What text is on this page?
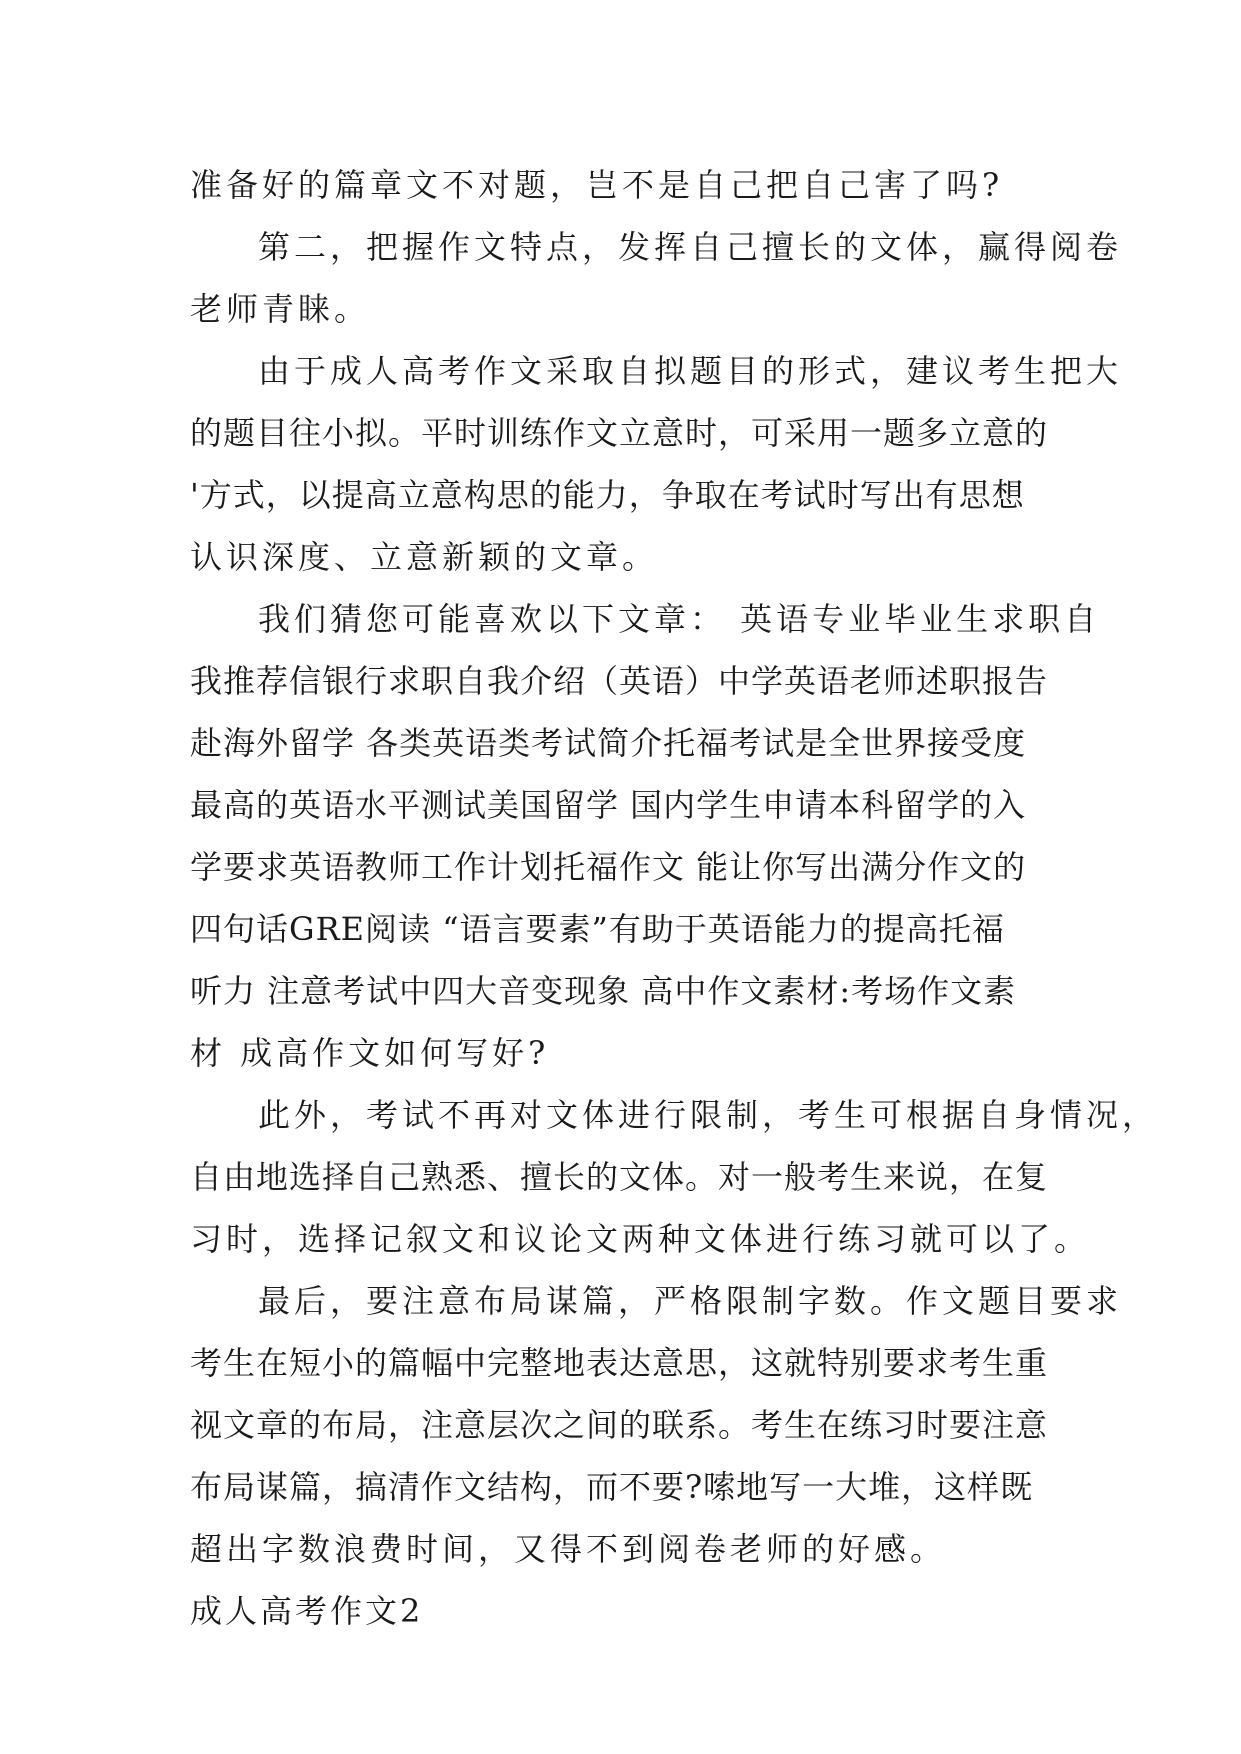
准备好的篇章文不对题，岂不是自己把自己害了吗?
第二，把握作文特点，发挥自己擅长的文体，赢得阅卷
老师青睐。
由于成人高考作文采取自拟题目的形式，建议考生把大
的题目往小拟。平时训练作文立意时，可采用一题多立意的
'方式，以提高立意构思的能力，争取在考试时写出有思想
认识深度、立意新颖的文章。
我们猜您可能喜欢以下文章： 英语专业毕业生求职自
我推荐信银行求职自我介绍（英语）中学英语老师述职报告
赴海外留学 各类英语类考试简介托福考试是全世界接受度
最高的英语水平测试美国留学 国内学生申请本科留学的入
学要求英语教师工作计划托福作文 能让你写出满分作文的
四句话GRE阅读 “语言要素”有助于英语能力的提高托福
听力 注意考试中四大音变现象 高中作文素材:考场作文素
材 成高作文如何写好?
此外，考试不再对文体进行限制，考生可根据自身情况，
自由地选择自己熟悉、擅长的文体。对一般考生来说，在复
习时，选择记叙文和议论文两种文体进行练习就可以了。
最后，要注意布局谋篇，严格限制字数。作文题目要求
考生在短小的篇幅中完整地表达意思，这就特别要求考生重
视文章的布局，注意层次之间的联系。考生在练习时要注意
布局谋篇，搞清作文结构，而不要?嗦地写一大堆，这样既
超出字数浪费时间，又得不到阅卷老师的好感。
成人高考作文2
